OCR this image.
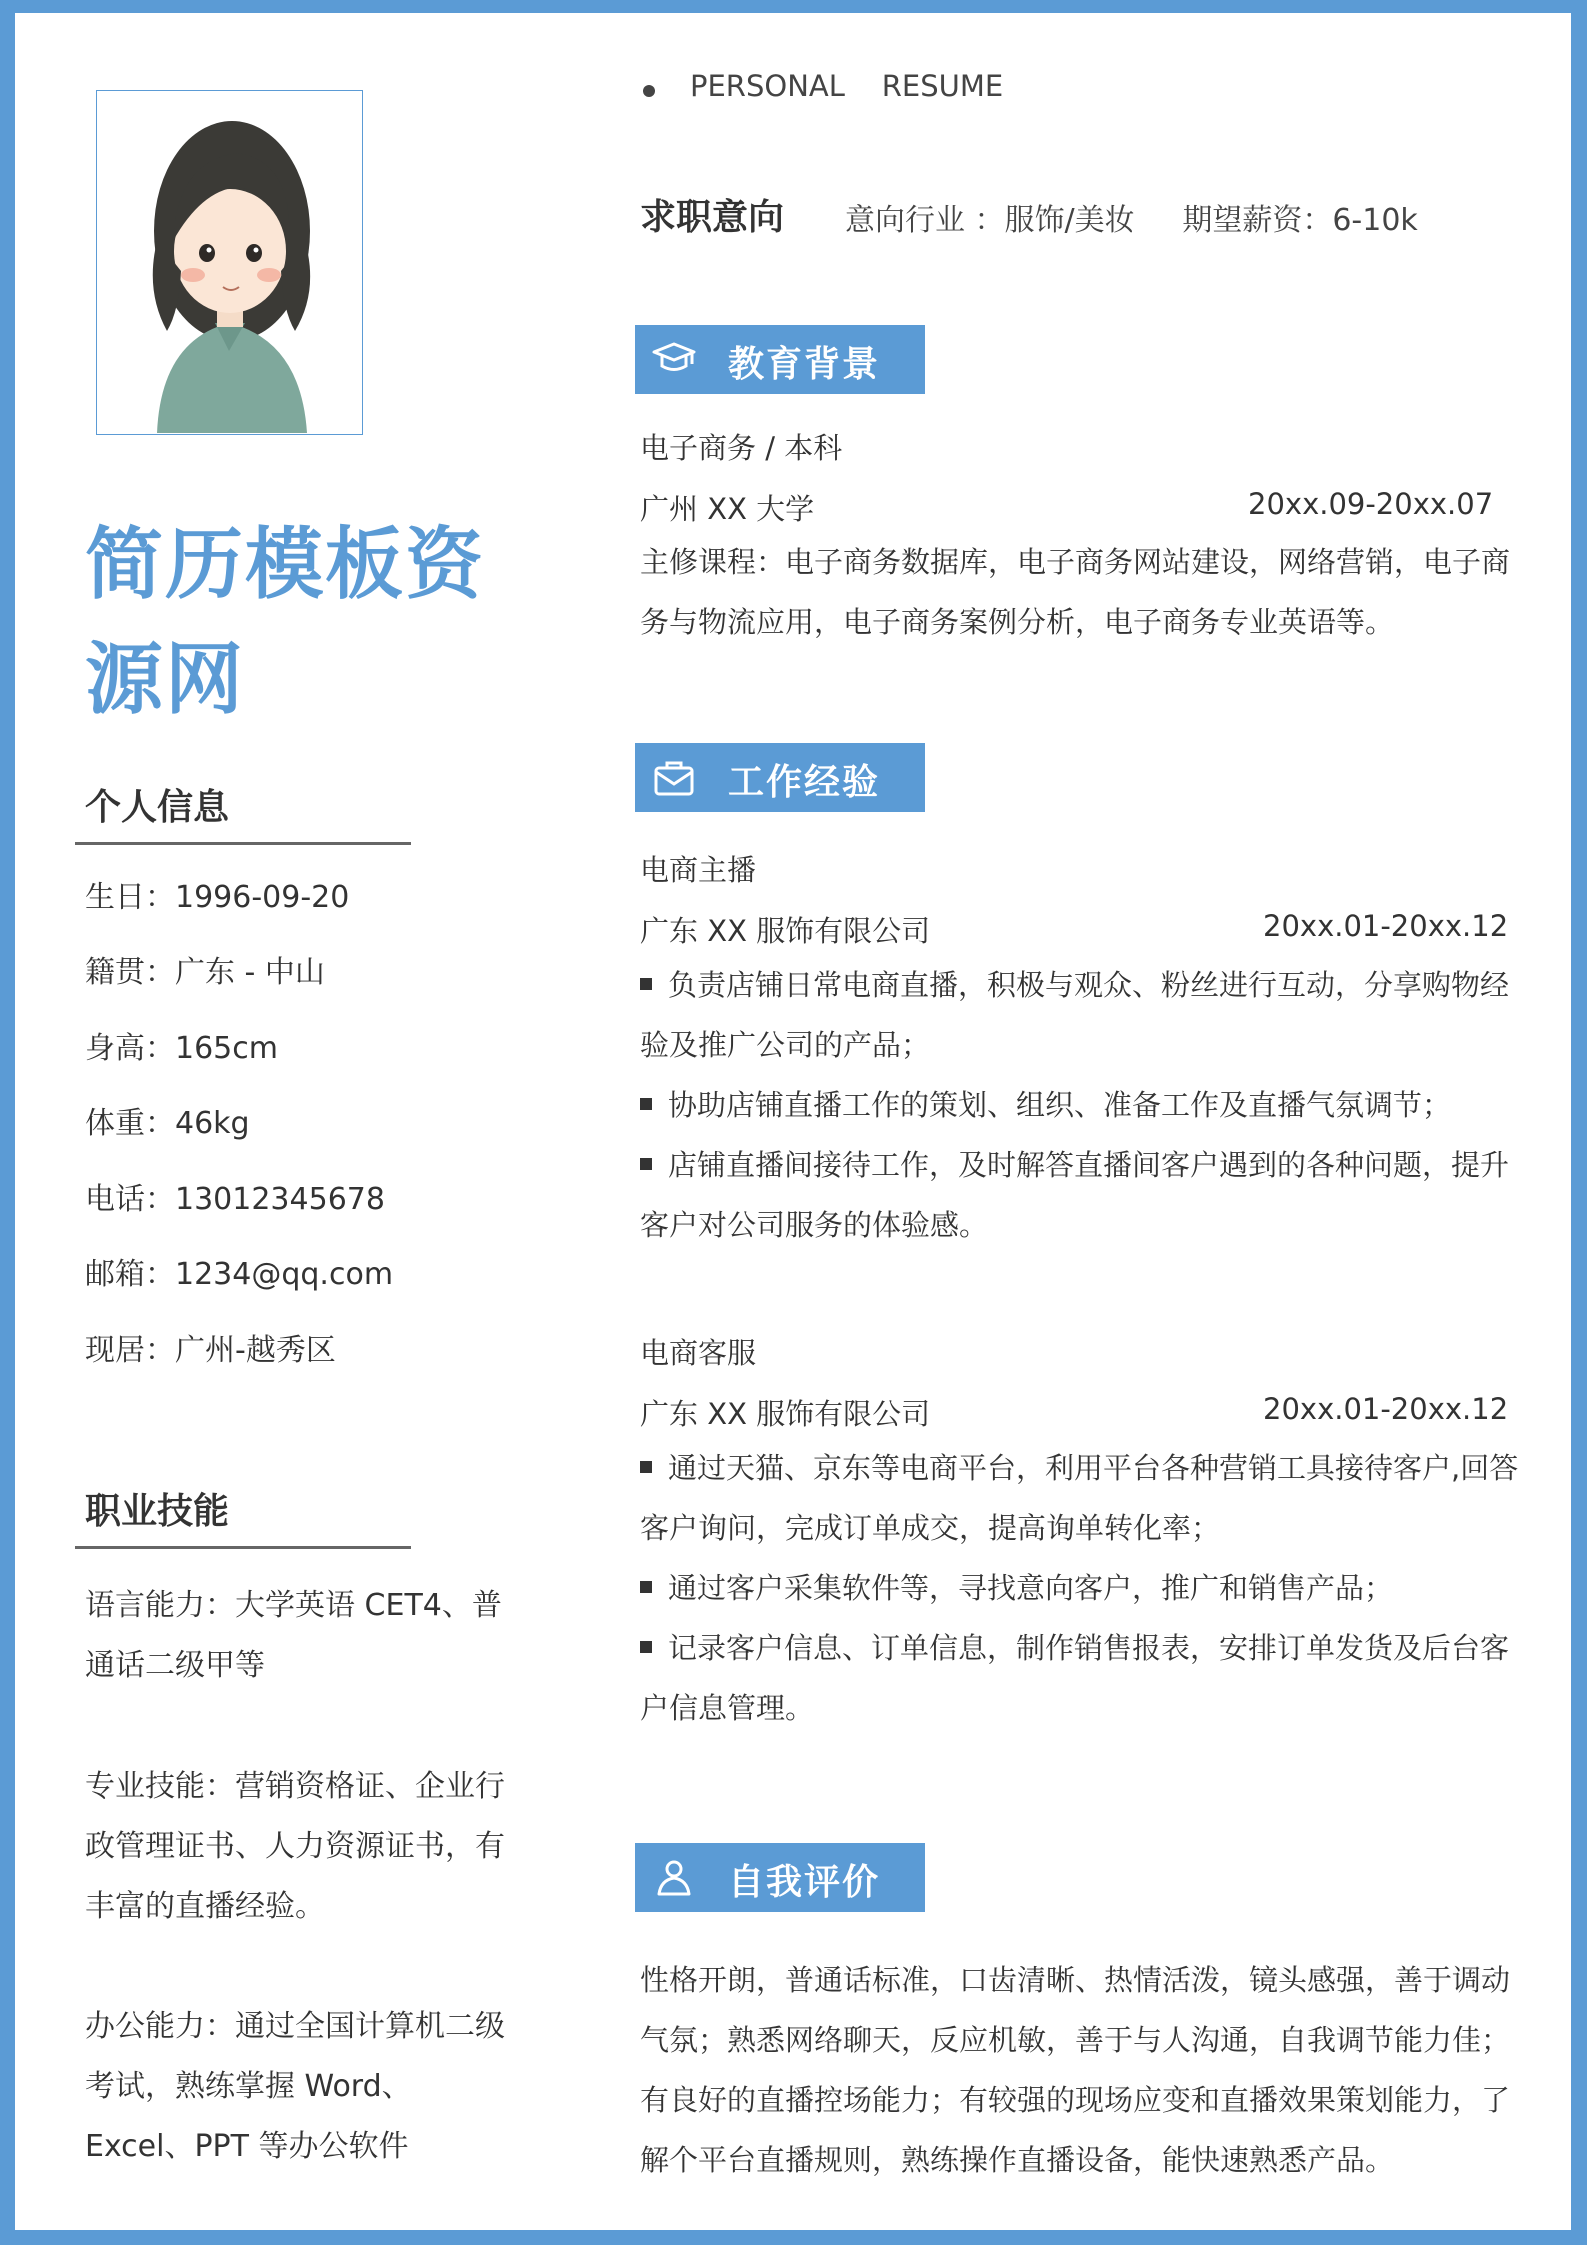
简历模板资源网
个人信息
生日：1996-09-20
籍贯：广东 - 中山
身高：165cm
体重：46kg
电话：13012345678
邮箱：1234@qq.com
现居：广州-越秀区
职业技能
语言能力：大学英语 CET4、普通话二级甲等
专业技能：营销资格证、企业行政管理证书、人力资源证书，有丰富的直播经验。
办公能力：通过全国计算机二级考试，熟练掌握 Word、Excel、PPT 等办公软件
PERSONAL    RESUME
求职意向 意向行业 ：服饰/美妆     期望薪资：6-10k
教育背景
电子商务 / 本科
广州 XX 大学	20xx.09-20xx.07
主修课程：电子商务数据库，电子商务网站建设，网络营销，电子商务与物流应用，电子商务案例分析，电子商务专业英语等。
工作经验
电商主播
广东 XX 服饰有限公司	20xx.01-20xx.12
负责店铺日常电商直播，积极与观众、粉丝进行互动，分享购物经验及推广公司的产品；
协助店铺直播工作的策划、组织、准备工作及直播气氛调节；
店铺直播间接待工作，及时解答直播间客户遇到的各种问题，提升客户对公司服务的体验感。
电商客服
广东 XX 服饰有限公司	20xx.01-20xx.12
通过天猫、京东等电商平台，利用平台各种营销工具接待客户,回答客户询问，完成订单成交，提高询单转化率；
通过客户采集软件等，寻找意向客户，推广和销售产品；
记录客户信息、订单信息，制作销售报表，安排订单发货及后台客户信息管理。
自我评价
性格开朗，普通话标准，口齿清晰、热情活泼，镜头感强，善于调动气氛；熟悉网络聊天，反应机敏，善于与人沟通，自我调节能力佳；有良好的直播控场能力；有较强的现场应变和直播效果策划能力，了解个平台直播规则，熟练操作直播设备，能快速熟悉产品。
